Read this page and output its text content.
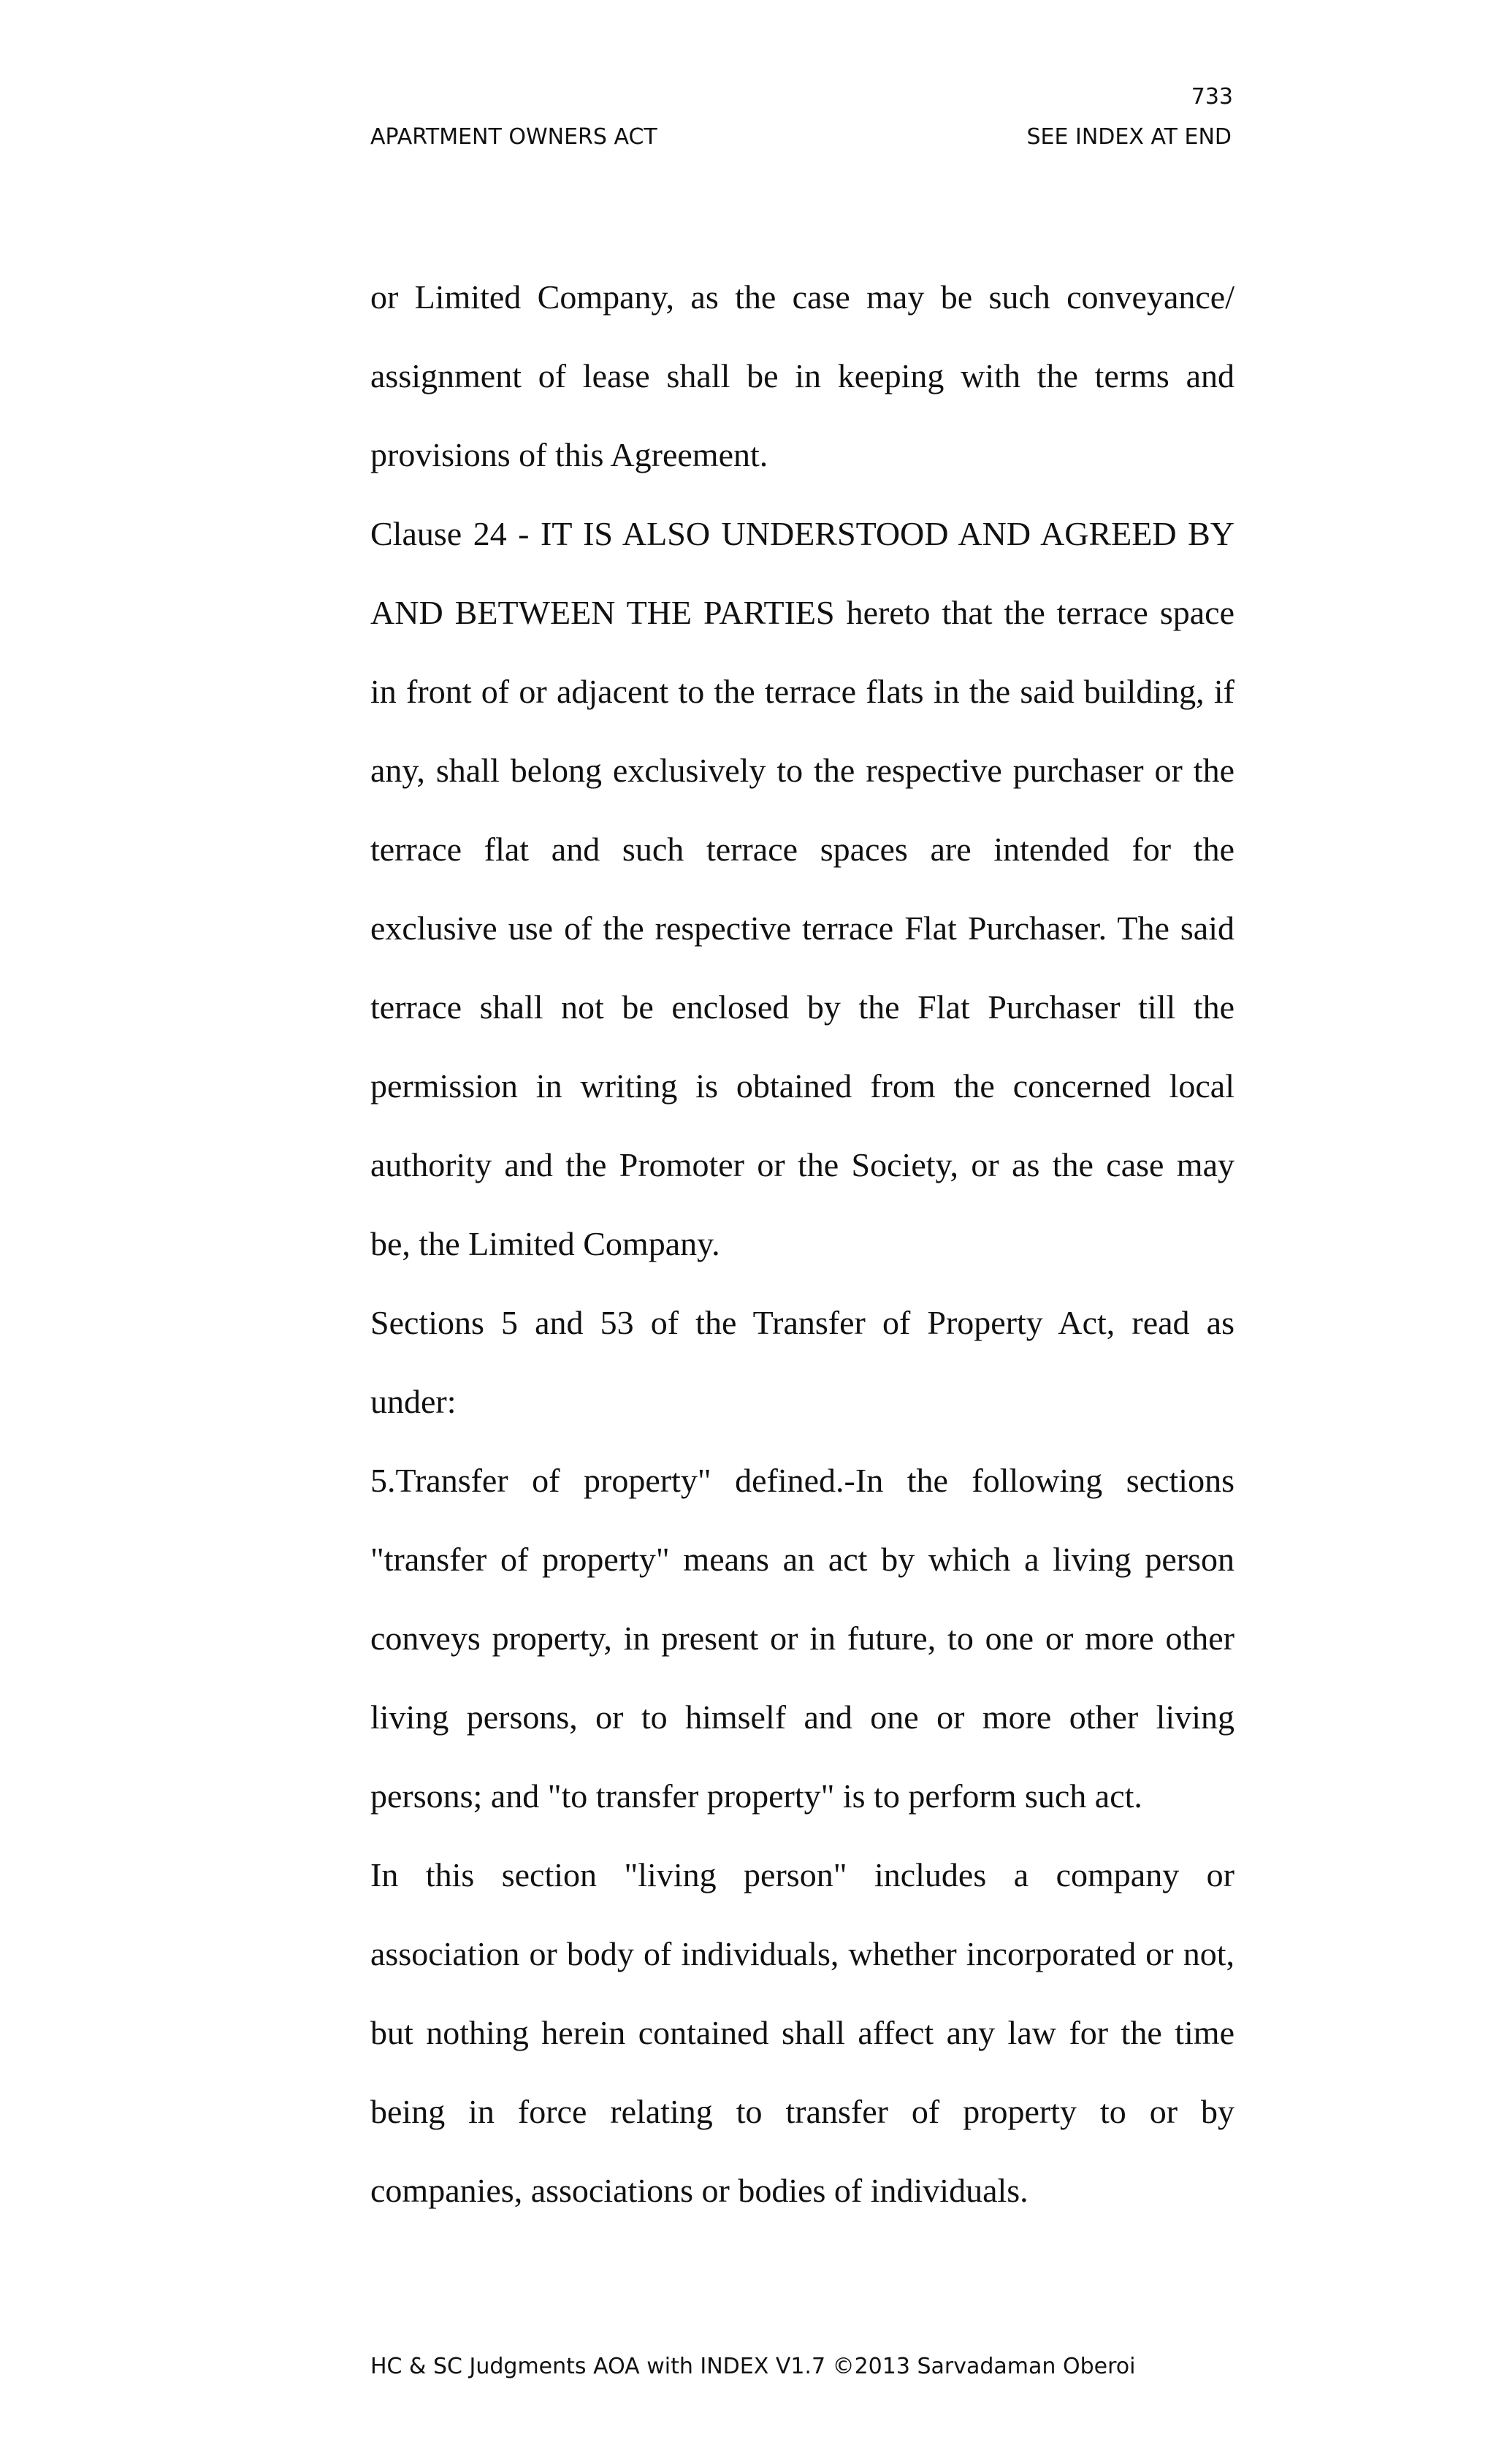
733
APARTMENT OWNERS ACT	SEE INDEX AT END

or Limited Company, as the case may be such conveyance/ assignment of lease shall be in keeping with the terms and provisions of this Agreement.

Clause 24 - IT IS ALSO UNDERSTOOD AND AGREED BY AND BETWEEN THE PARTIES hereto that the terrace space in front of or adjacent to the terrace flats in the said building, if any, shall belong exclusively to the respective purchaser or the terrace flat and such terrace spaces are intended for the exclusive use of the respective terrace Flat Purchaser. The said terrace shall not be enclosed by the Flat Purchaser till the permission in writing is obtained from the concerned local authority and the Promoter or the Society, or as the case may be, the Limited Company.

Sections 5 and 53 of the Transfer of Property Act, read as under:

5.Transfer of property" defined.-In the following sections "transfer of property" means an act by which a living person conveys property, in present or in future, to one or more other living persons, or to himself and one or more other living persons; and "to transfer property" is to perform such act.

In this section "living person" includes a company or association or body of individuals, whether incorporated or not, but nothing herein contained shall affect any law for the time being in force relating to transfer of property to or by companies, associations or bodies of individuals.

HC & SC Judgments AOA with INDEX V1.7 ©2013 Sarvadaman Oberoi
